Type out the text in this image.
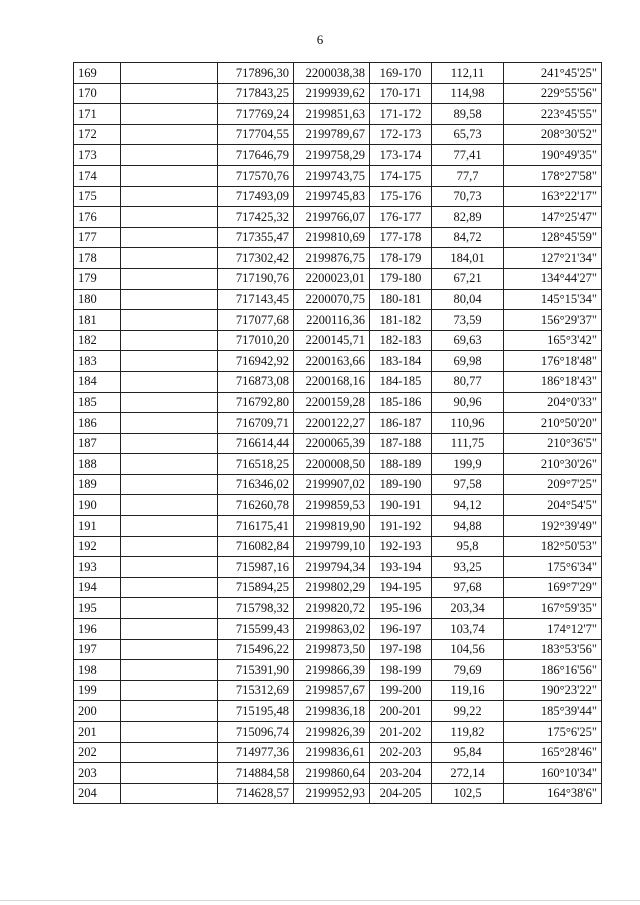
6
169		717896,30	2200038,38	169-170	112,11	241°45'25"
170		717843,25	2199939,62	170-171	114,98	229°55'56"
171		717769,24	2199851,63	171-172	89,58	223°45'55"
172		717704,55	2199789,67	172-173	65,73	208°30'52"
173		717646,79	2199758,29	173-174	77,41	190°49'35"
174		717570,76	2199743,75	174-175	77,7	178°27'58"
175		717493,09	2199745,83	175-176	70,73	163°22'17"
176		717425,32	2199766,07	176-177	82,89	147°25'47"
177		717355,47	2199810,69	177-178	84,72	128°45'59"
178		717302,42	2199876,75	178-179	184,01	127°21'34"
179		717190,76	2200023,01	179-180	67,21	134°44'27"
180		717143,45	2200070,75	180-181	80,04	145°15'34"
181		717077,68	2200116,36	181-182	73,59	156°29'37"
182		717010,20	2200145,71	182-183	69,63	165°3'42"
183		716942,92	2200163,66	183-184	69,98	176°18'48"
184		716873,08	2200168,16	184-185	80,77	186°18'43"
185		716792,80	2200159,28	185-186	90,96	204°0'33"
186		716709,71	2200122,27	186-187	110,96	210°50'20"
187		716614,44	2200065,39	187-188	111,75	210°36'5"
188		716518,25	2200008,50	188-189	199,9	210°30'26"
189		716346,02	2199907,02	189-190	97,58	209°7'25"
190		716260,78	2199859,53	190-191	94,12	204°54'5"
191		716175,41	2199819,90	191-192	94,88	192°39'49"
192		716082,84	2199799,10	192-193	95,8	182°50'53"
193		715987,16	2199794,34	193-194	93,25	175°6'34"
194		715894,25	2199802,29	194-195	97,68	169°7'29"
195		715798,32	2199820,72	195-196	203,34	167°59'35"
196		715599,43	2199863,02	196-197	103,74	174°12'7"
197		715496,22	2199873,50	197-198	104,56	183°53'56"
198		715391,90	2199866,39	198-199	79,69	186°16'56"
199		715312,69	2199857,67	199-200	119,16	190°23'22"
200		715195,48	2199836,18	200-201	99,22	185°39'44"
201		715096,74	2199826,39	201-202	119,82	175°6'25"
202		714977,36	2199836,61	202-203	95,84	165°28'46"
203		714884,58	2199860,64	203-204	272,14	160°10'34"
204		714628,57	2199952,93	204-205	102,5	164°38'6"
